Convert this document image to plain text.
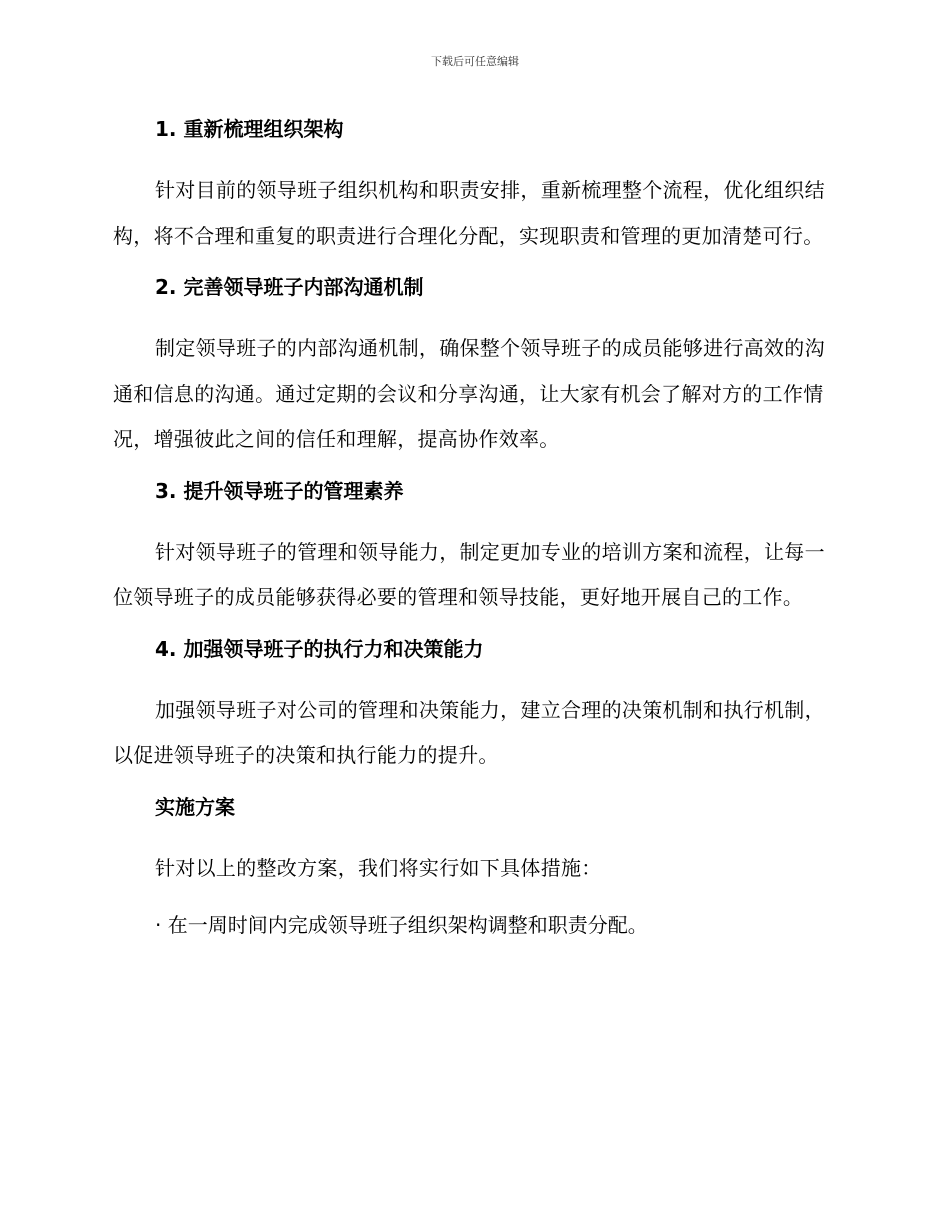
下载后可任意编辑
1. 重新梳理组织架构

针对目前的领导班子组织机构和职责安排，重新梳理整个流程，优化组织结构，将不合理和重复的职责进行合理化分配，实现职责和管理的更加清楚可行。

2. 完善领导班子内部沟通机制

制定领导班子的内部沟通机制，确保整个领导班子的成员能够进行高效的沟通和信息的沟通。通过定期的会议和分享沟通，让大家有机会了解对方的工作情况，增强彼此之间的信任和理解，提高协作效率。

3. 提升领导班子的管理素养

针对领导班子的管理和领导能力，制定更加专业的培训方案和流程，让每一位领导班子的成员能够获得必要的管理和领导技能，更好地开展自己的工作。

4. 加强领导班子的执行力和决策能力

加强领导班子对公司的管理和决策能力，建立合理的决策机制和执行机制，以促进领导班子的决策和执行能力的提升。

实施方案

针对以上的整改方案，我们将实行如下具体措施：

· 在一周时间内完成领导班子组织架构调整和职责分配。
